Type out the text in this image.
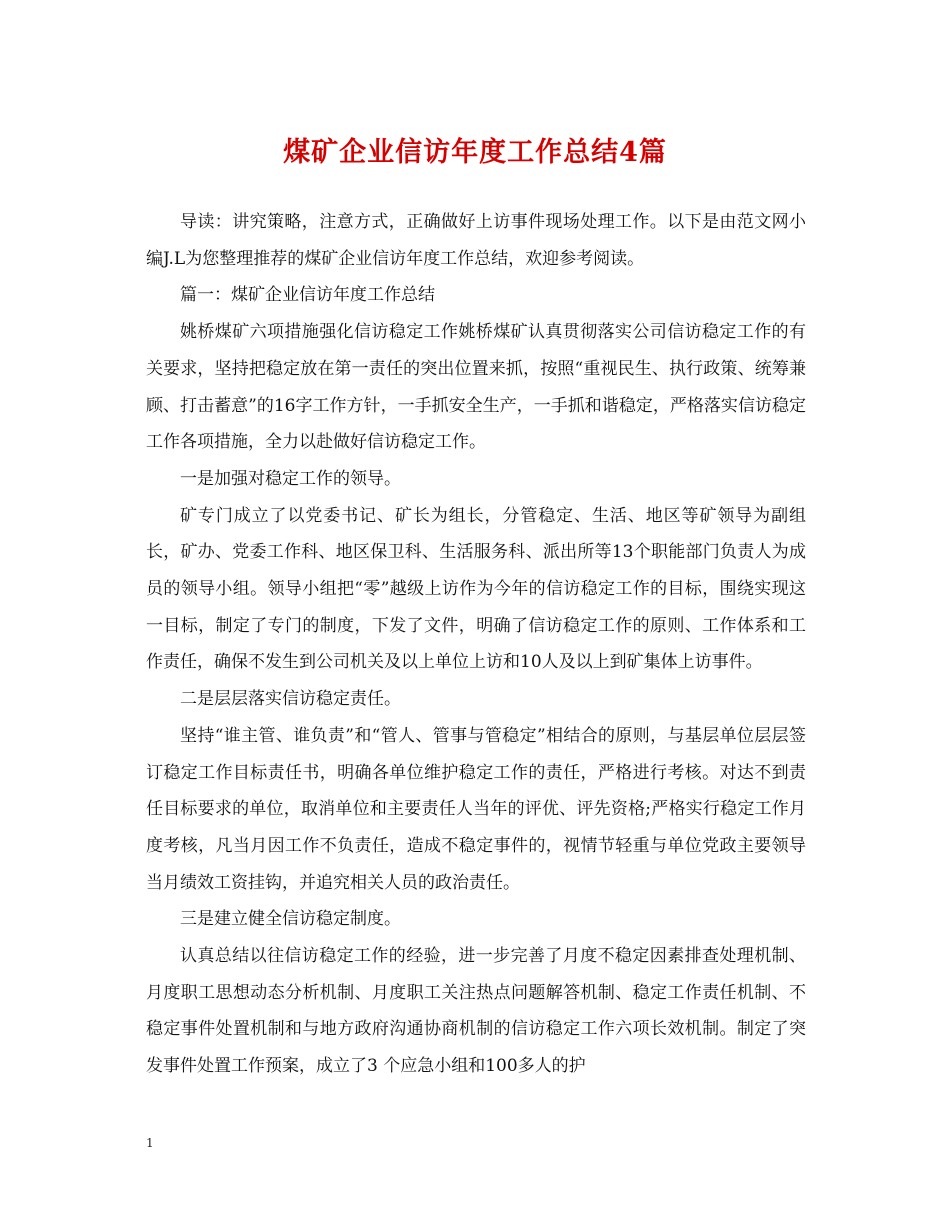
煤矿企业信访年度工作总结4篇

导读：讲究策略，注意方式，正确做好上访事件现场处理工作。以下是由范文网小编J.L为您整理推荐的煤矿企业信访年度工作总结，欢迎参考阅读。

篇一：煤矿企业信访年度工作总结

姚桥煤矿六项措施强化信访稳定工作姚桥煤矿认真贯彻落实公司信访稳定工作的有关要求，坚持把稳定放在第一责任的突出位置来抓，按照“重视民生、执行政策、统筹兼顾、打击蓄意”的16字工作方针，一手抓安全生产，一手抓和谐稳定，严格落实信访稳定工作各项措施，全力以赴做好信访稳定工作。

一是加强对稳定工作的领导。

矿专门成立了以党委书记、矿长为组长，分管稳定、生活、地区等矿领导为副组长，矿办、党委工作科、地区保卫科、生活服务科、派出所等13个职能部门负责人为成员的领导小组。领导小组把“零”越级上访作为今年的信访稳定工作的目标，围绕实现这一目标，制定了专门的制度，下发了文件，明确了信访稳定工作的原则、工作体系和工作责任，确保不发生到公司机关及以上单位上访和10人及以上到矿集体上访事件。

二是层层落实信访稳定责任。

坚持“谁主管、谁负责”和“管人、管事与管稳定”相结合的原则，与基层单位层层签订稳定工作目标责任书，明确各单位维护稳定工作的责任，严格进行考核。对达不到责任目标要求的单位，取消单位和主要责任人当年的评优、评先资格;严格实行稳定工作月度考核，凡当月因工作不负责任，造成不稳定事件的，视情节轻重与单位党政主要领导当月绩效工资挂钩，并追究相关人员的政治责任。

三是建立健全信访稳定制度。

认真总结以往信访稳定工作的经验，进一步完善了月度不稳定因素排查处理机制、月度职工思想动态分析机制、月度职工关注热点问题解答机制、稳定工作责任机制、不稳定事件处置机制和与地方政府沟通协商机制的信访稳定工作六项长效机制。制定了突发事件处置工作预案，成立了3 个应急小组和100多人的护

1
